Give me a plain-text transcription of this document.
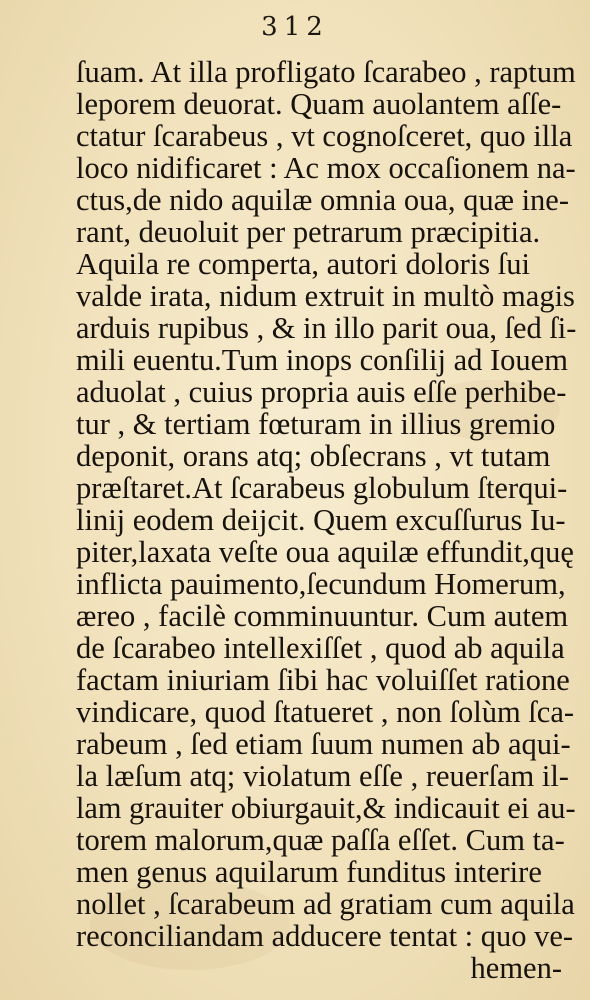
312
ſuam. At illa profligato ſcarabeo , raptum
leporem deuorat. Quam auolantem aſſe-
ctatur ſcarabeus , vt cognoſceret, quo illa
loco nidificaret : Ac mox occaſionem na-
ctus,de nido aquilæ omnia oua, quæ ine-
rant, deuoluit per petrarum præcipitia.
Aquila re comperta, autori doloris ſui
valde irata, nidum extruit in multò magis
arduis rupibus , & in illo parit oua, ſed ſi-
mili euentu.Tum inops conſilij ad Iouem
aduolat , cuius propria auis eſſe perhibe-
tur , & tertiam fœturam in illius gremio
deponit, orans atq; obſecrans , vt tutam
præſtaret.At ſcarabeus globulum ſterqui-
linij eodem deijcit. Quem excuſſurus Iu-
piter,laxata veſte oua aquilæ effundit,quę
inflicta pauimento,ſecundum Homerum,
æreo , facilè comminuuntur. Cum autem
de ſcarabeo intellexiſſet , quod ab aquila
factam iniuriam ſibi hac voluiſſet ratione
vindicare, quod ſtatueret , non ſolùm ſca-
rabeum , ſed etiam ſuum numen ab aqui-
la læſum atq; violatum eſſe , reuerſam il-
lam grauiter obiurgauit,& indicauit ei au-
torem malorum,quæ paſſa eſſet. Cum ta-
men genus aquilarum funditus interire
nollet , ſcarabeum ad gratiam cum aquila
reconciliandam adducere tentat : quo ve-
hemen-
